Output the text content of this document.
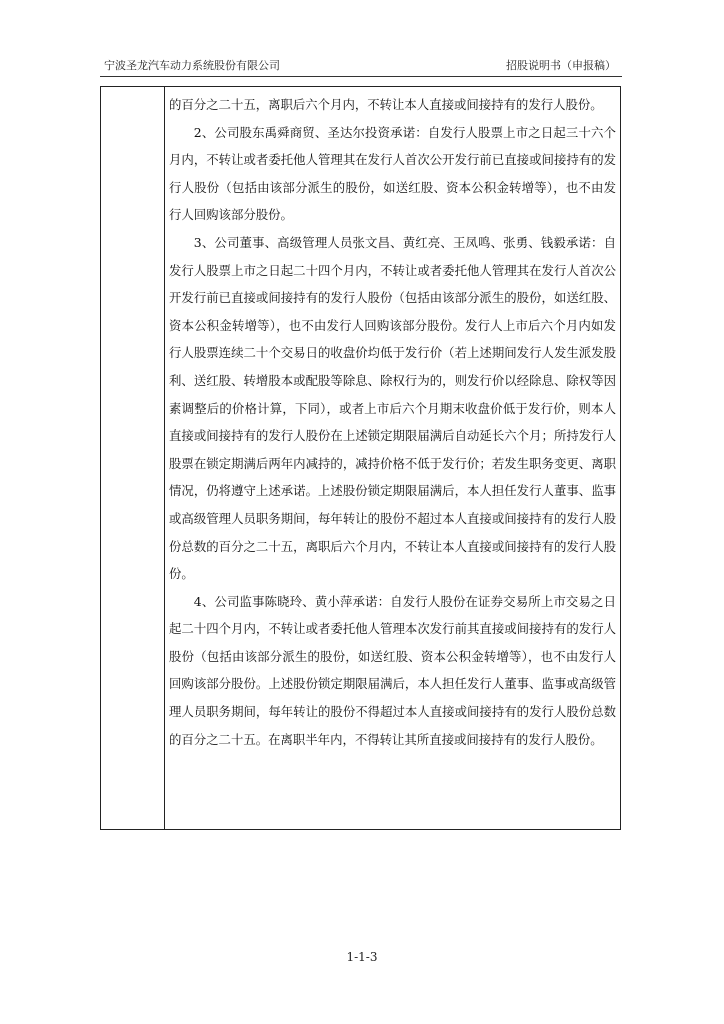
宁波圣龙汽车动力系统股份有限公司	招股说明书（申报稿）

的百分之二十五，离职后六个月内，不转让本人直接或间接持有的发行人股份。

2、公司股东禹舜商贸、圣达尔投资承诺：自发行人股票上市之日起三十六个月内，不转让或者委托他人管理其在发行人首次公开发行前已直接或间接持有的发行人股份（包括由该部分派生的股份，如送红股、资本公积金转增等），也不由发行人回购该部分股份。

3、公司董事、高级管理人员张文昌、黄红亮、王凤鸣、张勇、钱毅承诺：自发行人股票上市之日起二十四个月内，不转让或者委托他人管理其在发行人首次公开发行前已直接或间接持有的发行人股份（包括由该部分派生的股份，如送红股、资本公积金转增等），也不由发行人回购该部分股份。发行人上市后六个月内如发行人股票连续二十个交易日的收盘价均低于发行价（若上述期间发行人发生派发股利、送红股、转增股本或配股等除息、除权行为的，则发行价以经除息、除权等因素调整后的价格计算，下同），或者上市后六个月期末收盘价低于发行价，则本人直接或间接持有的发行人股份在上述锁定期限届满后自动延长六个月；所持发行人股票在锁定期满后两年内减持的，减持价格不低于发行价；若发生职务变更、离职情况，仍将遵守上述承诺。上述股份锁定期限届满后，本人担任发行人董事、监事或高级管理人员职务期间，每年转让的股份不超过本人直接或间接持有的发行人股份总数的百分之二十五，离职后六个月内，不转让本人直接或间接持有的发行人股份。

4、公司监事陈晓玲、黄小萍承诺：自发行人股份在证券交易所上市交易之日起二十四个月内，不转让或者委托他人管理本次发行前其直接或间接持有的发行人股份（包括由该部分派生的股份，如送红股、资本公积金转增等），也不由发行人回购该部分股份。上述股份锁定期限届满后，本人担任发行人董事、监事或高级管理人员职务期间，每年转让的股份不得超过本人直接或间接持有的发行人股份总数的百分之二十五。在离职半年内，不得转让其所直接或间接持有的发行人股份。

1-1-3
